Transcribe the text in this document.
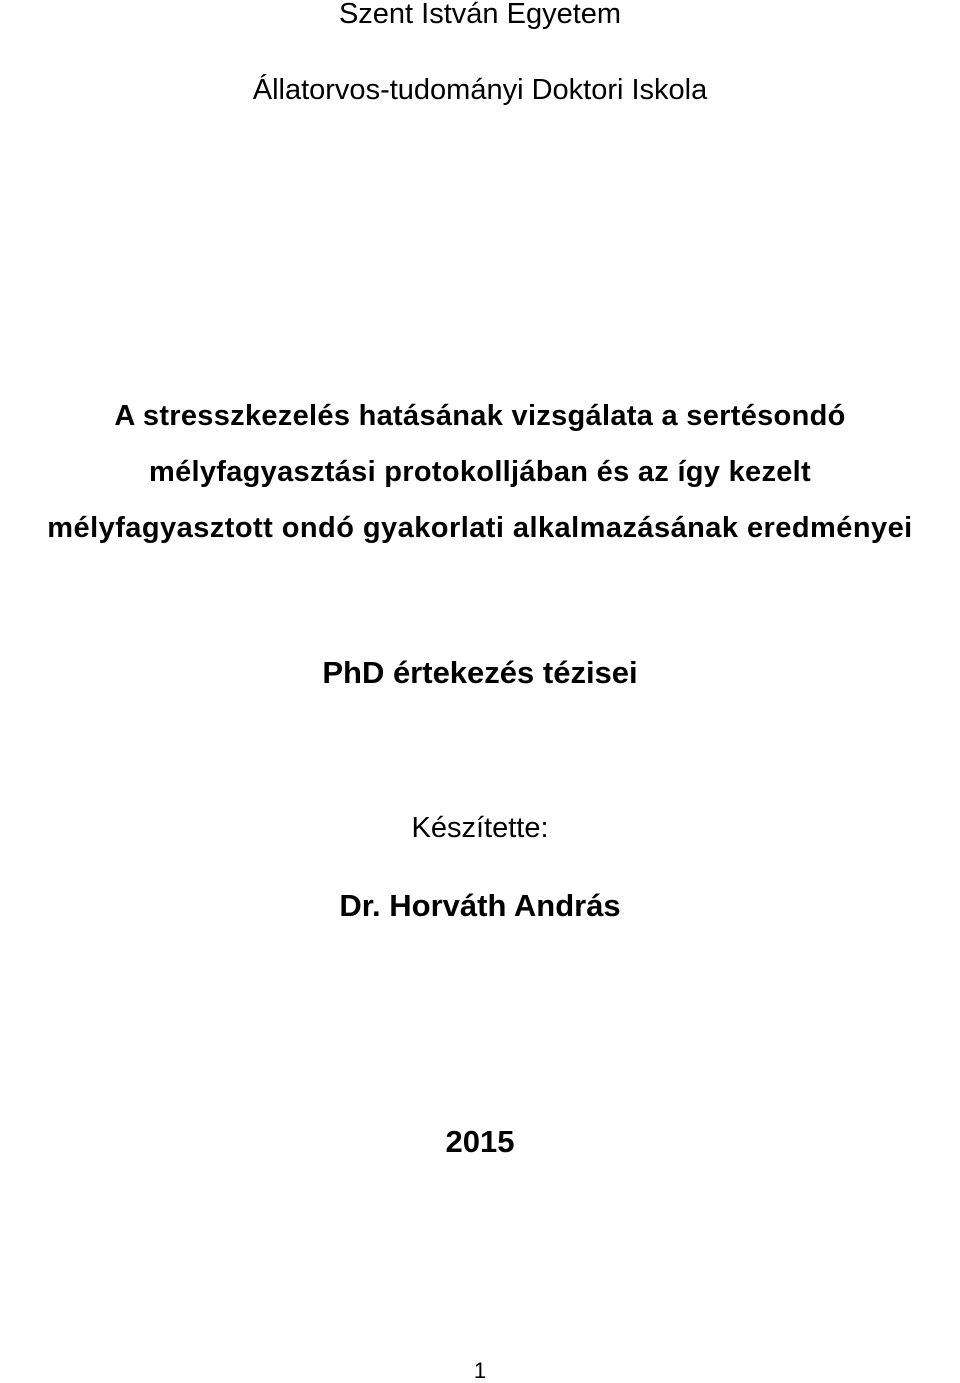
Szent István Egyetem
Állatorvos-tudományi Doktori Iskola
A stresszkezelés hatásának vizsgálata a sertésondó
mélyfagyasztási protokolljában és az így kezelt
mélyfagyasztott ondó gyakorlati alkalmazásának eredményei
PhD értekezés tézisei
Készítette:
Dr. Horváth András
2015
1
